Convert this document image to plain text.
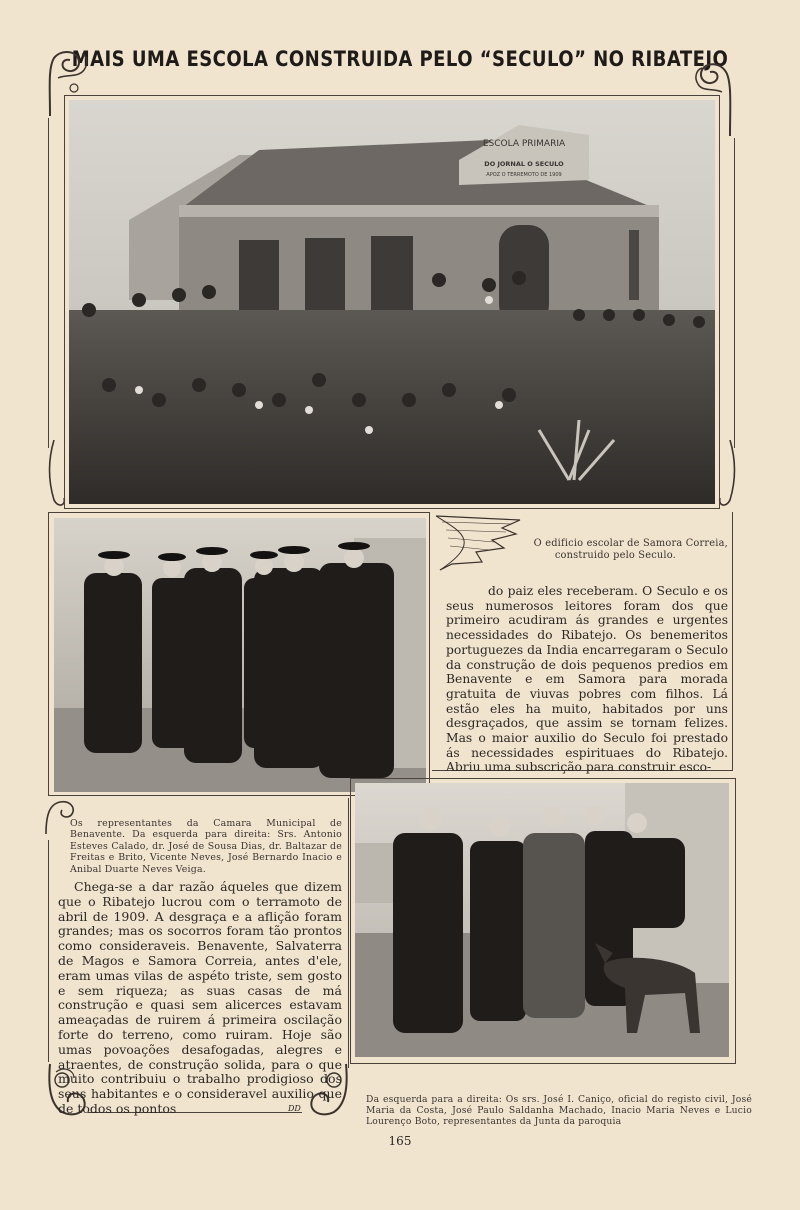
MAIS UMA ESCOLA CONSTRUIDA PELO “SECULO” NO RIBATEJO
ESCOLA PRIMARIA
DO JORNAL O SECULO
APOZ O TERREMOTO DE 1909
O edificio escolar de Samora Correia,
construido pelo Seculo.
do paiz eles receberam. O Seculo e os seus numerosos leitores foram dos que primeiro acudiram ás grandes e urgentes necessidades do Ribatejo. Os benemeritos portuguezes da India encarregaram o Seculo da construção de dois pequenos predios em Benavente e em Samora para morada gratuita de viuvas pobres com filhos. Lá estão eles ha muito, habitados por uns desgraçados, que assim se tornam felizes. Mas o maior auxilio do Seculo foi prestado ás necessidades espirituaes do Ribatejo. Abriu uma subscrição para construir esco-
Os representantes da Camara Municipal de Benavente. Da esquerda para direita: Srs. Antonio Esteves Calado, dr. José de Sousa Dias, dr. Baltazar de Freitas e Brito, Vicente Neves, José Bernardo Inacio e Anibal Duarte Neves Veiga.
Chega-se a dar razão áqueles que dizem que o Ribatejo lucrou com o terramoto de abril de 1909. A desgraça e a aflição foram grandes; mas os socorros foram tão prontos como consideraveis. Benavente, Salvaterra de Magos e Samora Correia, antes d'ele, eram umas vilas de aspéto triste, sem gosto e sem riqueza; as suas casas de má construção e quasi sem alicerces estavam ameaçadas de ruirem á primeira oscilação forte do terreno, como ruiram. Hoje são umas povoações desafogadas, alegres e atraentes, de construção solida, para o que muito contribuiu o trabalho prodigioso dos seus habitantes e o consideravel auxilio que de todos os pontos
Da esquerda para a direita: Os srs. José I. Caniço, oficial do registo civil, José Maria da Costa, José Paulo Saldanha Machado, Inacio Maria Neves e Lucio Lourenço Boto, representantes da Junta da paroquia
DD
165
